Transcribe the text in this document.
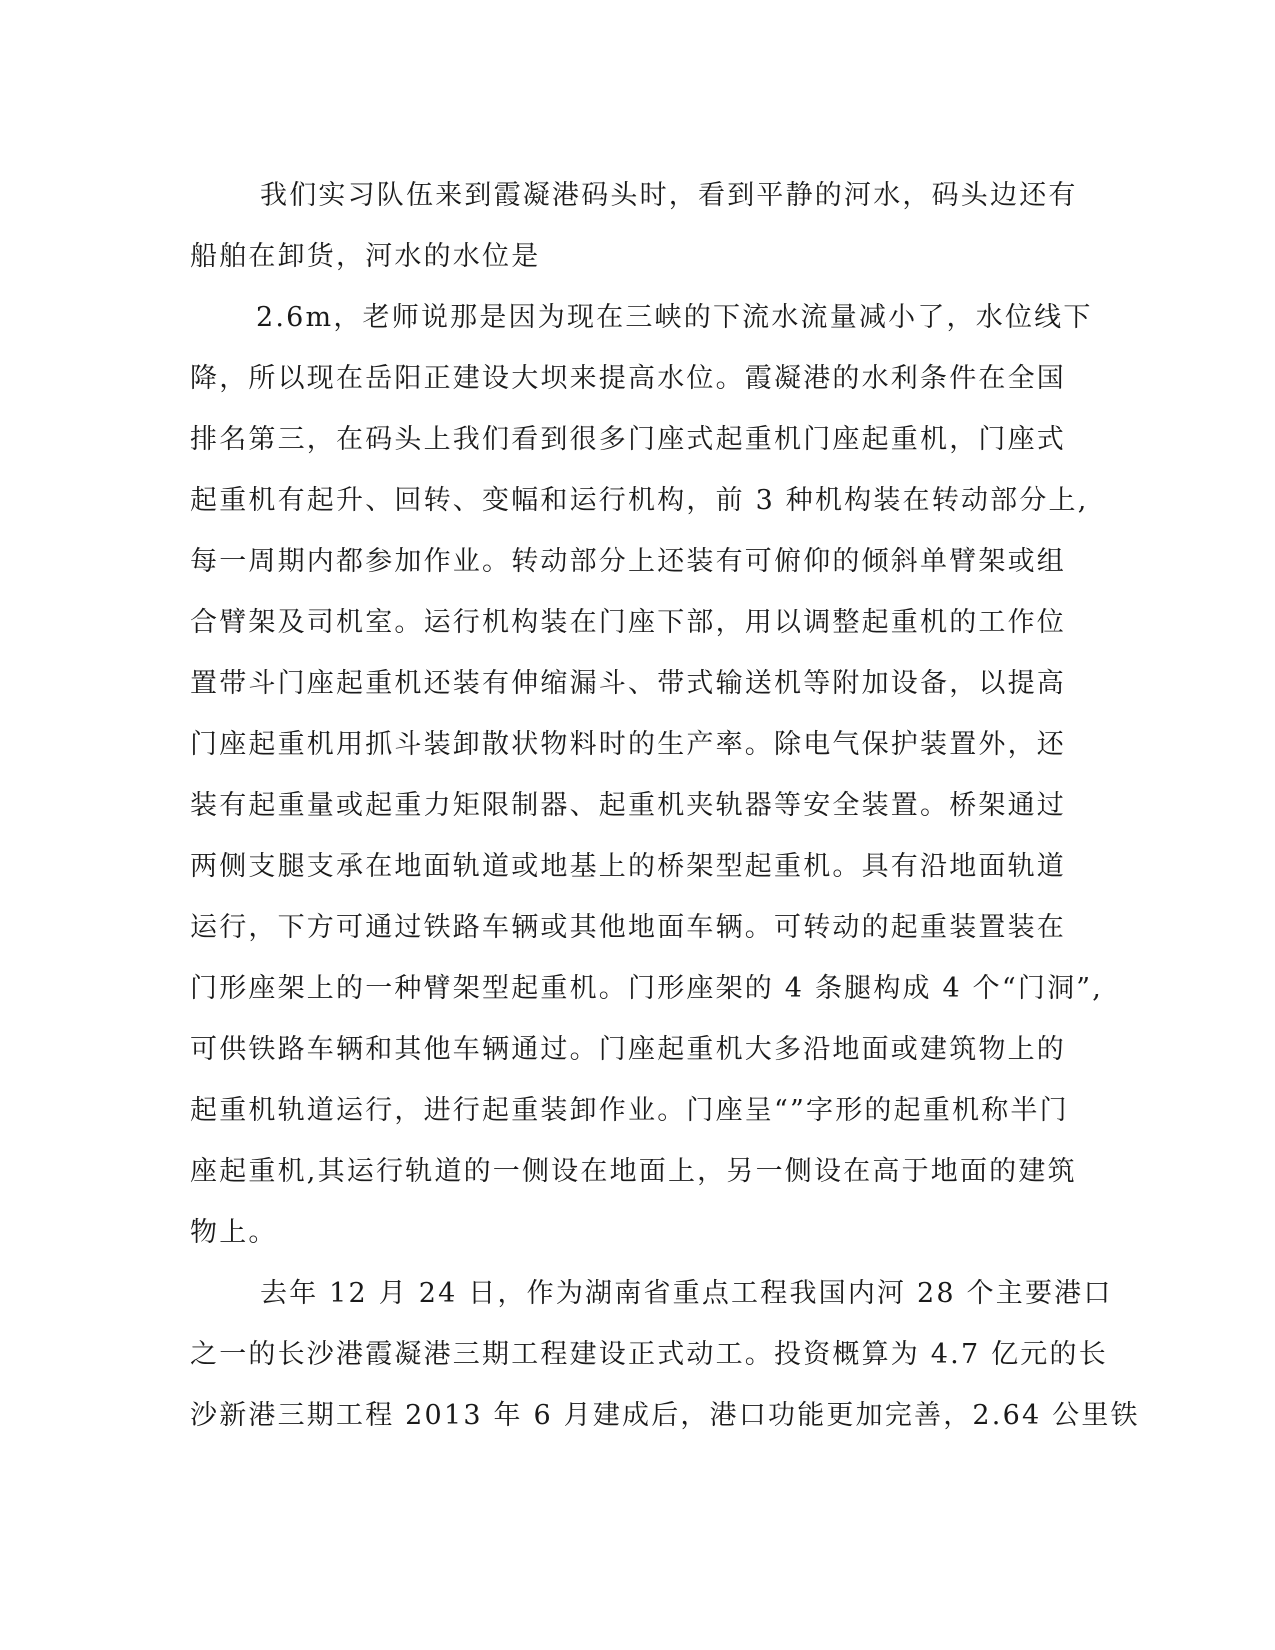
我们实习队伍来到霞凝港码头时，看到平静的河水，码头边还有
船舶在卸货，河水的水位是
2.6m，老师说那是因为现在三峡的下流水流量减小了，水位线下
降，所以现在岳阳正建设大坝来提高水位。霞凝港的水利条件在全国
排名第三，在码头上我们看到很多门座式起重机门座起重机，门座式
起重机有起升、回转、变幅和运行机构，前 3 种机构装在转动部分上,
每一周期内都参加作业。转动部分上还装有可俯仰的倾斜单臂架或组
合臂架及司机室。运行机构装在门座下部，用以调整起重机的工作位
置带斗门座起重机还装有伸缩漏斗、带式输送机等附加设备，以提高
门座起重机用抓斗装卸散状物料时的生产率。除电气保护装置外，还
装有起重量或起重力矩限制器、起重机夹轨器等安全装置。桥架通过
两侧支腿支承在地面轨道或地基上的桥架型起重机。具有沿地面轨道
运行，下方可通过铁路车辆或其他地面车辆。可转动的起重装置装在
门形座架上的一种臂架型起重机。门形座架的 4 条腿构成 4 个“门洞”,
可供铁路车辆和其他车辆通过。门座起重机大多沿地面或建筑物上的
起重机轨道运行，进行起重装卸作业。门座呈“”字形的起重机称半门
座起重机,其运行轨道的一侧设在地面上，另一侧设在高于地面的建筑
物上。
去年 12 月 24 日，作为湖南省重点工程我国内河 28 个主要港口
之一的长沙港霞凝港三期工程建设正式动工。投资概算为 4.7 亿元的长
沙新港三期工程 2013 年 6 月建成后，港口功能更加完善，2.64 公里铁
